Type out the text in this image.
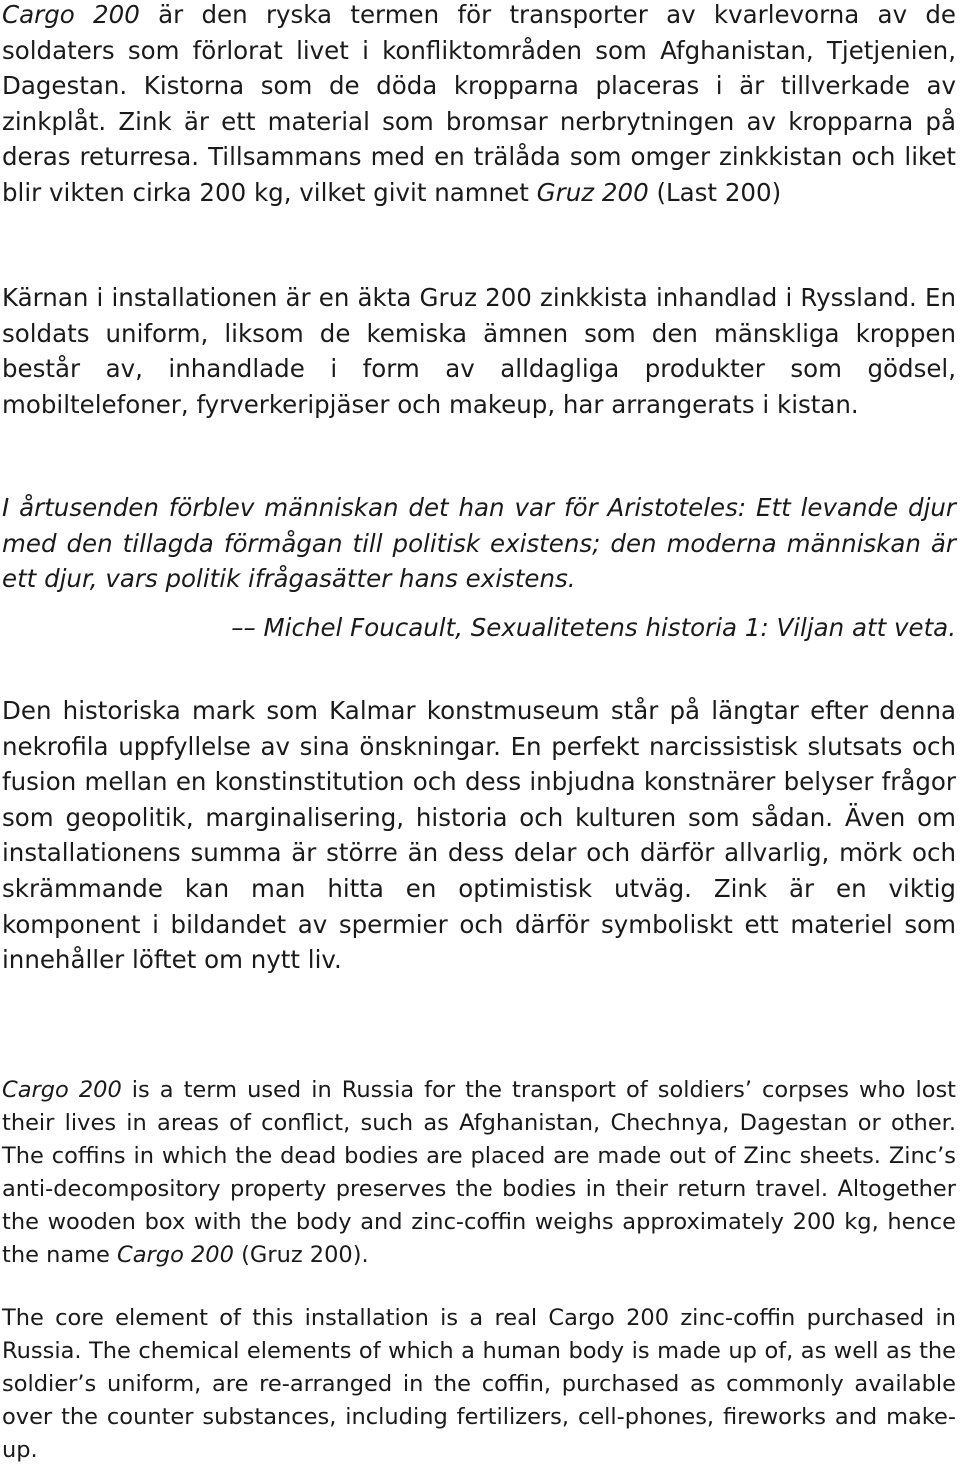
Cargo 200 är den ryska termen för transporter av kvarlevorna av de soldaters som förlorat livet i konfliktområden som Afghanistan, Tjetjenien, Dagestan. Kistorna som de döda kropparna placeras i är tillverkade av zinkplåt. Zink är ett material som bromsar nerbrytningen av kropparna på deras returresa. Tillsammans med en trälåda som omger zinkkistan och liket blir vikten cirka 200 kg, vilket givit namnet Gruz 200 (Last 200)

Kärnan i installationen är en äkta Gruz 200 zinkkista inhandlad i Ryssland. En soldats uniform, liksom de kemiska ämnen som den mänskliga kroppen består av, inhandlade i form av alldagliga produkter som gödsel, mobiltelefoner, fyrverkeripjäser och makeup, har arrangerats i kistan.

I årtusenden förblev människan det han var för Aristoteles: Ett levande djur med den tillagda förmågan till politisk existens; den moderna människan är ett djur, vars politik ifrågasätter hans existens.

–– Michel Foucault, Sexualitetens historia 1: Viljan att veta.

Den historiska mark som Kalmar konstmuseum står på längtar efter denna nekrofila uppfyllelse av sina önskningar. En perfekt narcissistisk slutsats och fusion mellan en konstinstitution och dess inbjudna konstnärer belyser frågor som geopolitik, marginalisering, historia och kulturen som sådan. Även om installationens summa är större än dess delar och därför allvarlig, mörk och skrämmande kan man hitta en optimistisk utväg. Zink är en viktig komponent i bildandet av spermier och därför symboliskt ett materiel som innehåller löftet om nytt liv.

Cargo 200 is a term used in Russia for the transport of soldiers’ corpses who lost their lives in areas of conflict, such as Afghanistan, Chechnya, Dagestan or other. The coffins in which the dead bodies are placed are made out of Zinc sheets. Zinc’s anti-decompository property preserves the bodies in their return travel. Altogether the wooden box with the body and zinc-coffin weighs approximately 200 kg, hence the name Cargo 200 (Gruz 200).

The core element of this installation is a real Cargo 200 zinc-coffin purchased in Russia. The chemical elements of which a human body is made up of, as well as the soldier’s uniform, are re-arranged in the coffin, purchased as commonly available over the counter substances, including fertilizers, cell-phones, fireworks and make-up.
